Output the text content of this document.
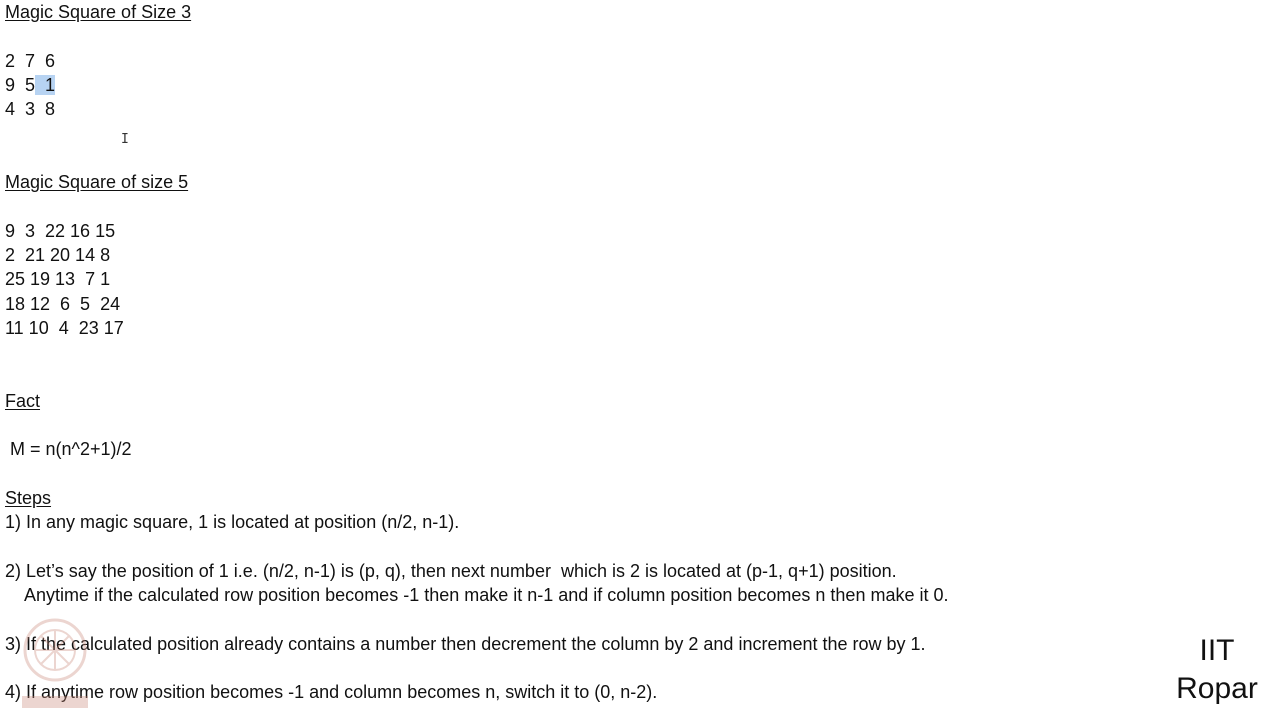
Magic Square of Size 3
2  7  6
9  5  1
4  3  8
Magic Square of size 5
9  3  22 16 15
2  21 20 14 8
25 19 13  7 1
18 12  6  5  24
11 10  4  23 17
Fact
M = n(n^2+1)/2
Steps
1) In any magic square, 1 is located at position (n/2, n-1).
2) Let’s say the position of 1 i.e. (n/2, n-1) is (p, q), then next number  which is 2 is located at (p-1, q+1) position.
Anytime if the calculated row position becomes -1 then make it n-1 and if column position becomes n then make it 0.
3) If the calculated position already contains a number then decrement the column by 2 and increment the row by 1.
4) If anytime row position becomes -1 and column becomes n, switch it to (0, n-2).
I
IIT
Ropar
